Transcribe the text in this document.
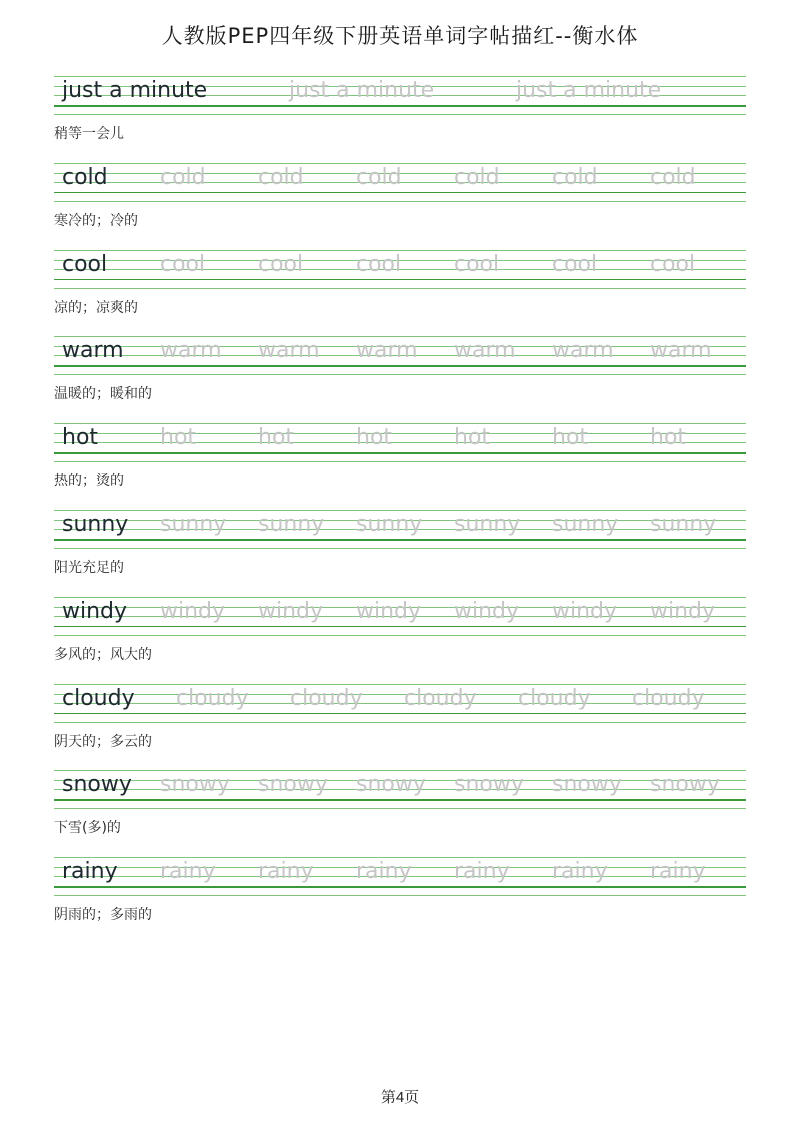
人教版PEP四年级下册英语单词字帖描红--衡水体
just a minute	just a minute	just a minute
稍等一会儿
cold cold cold cold cold cold cold
寒冷的；冷的
cool cool cool cool cool cool cool
凉的；凉爽的
warm warm warm warm warm warm warm
温暖的；暖和的
hot	hot	hot	hot	hot	hot	hot
热的；烫的
sunny sunny sunny sunny sunny sunny sunny
阳光充足的
windy windy windy windy windy windy windy
多风的；风大的
cloudy cloudy cloudy cloudy cloudy cloudy
阴天的；多云的
snowy snowy snowy snowy snowy snowy snowy
下雪(多)的
rainy rainy rainy rainy rainy rainy rainy
阴雨的；多雨的
第4页
